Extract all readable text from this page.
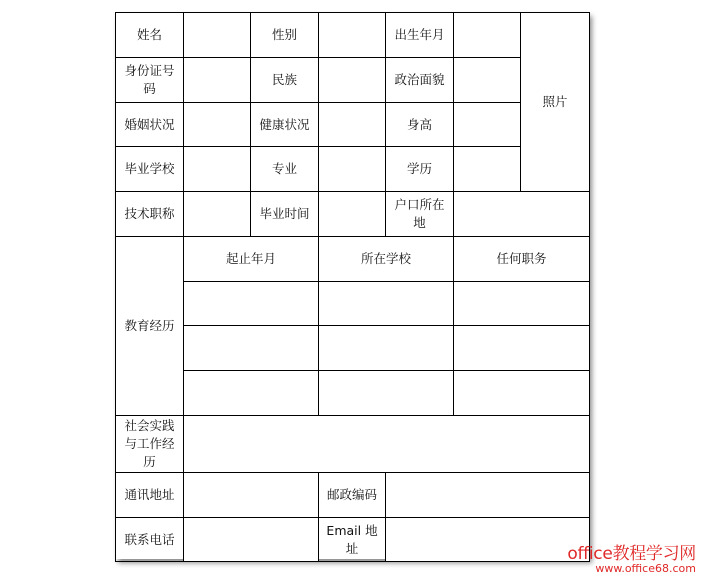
姓名		性别		出生年月		照片
身份证号码		民族		政治面貌		
婚姻状况		健康状况		身高		
毕业学校		专业		学历		
技术职称		毕业时间		户口所在地		
教育经历	起止年月		所在学校		任何职务	

社会实践与工作经历						
通讯地址			邮政编码			
联系电话			Email 地址				office教程学习网
www.office68.com
